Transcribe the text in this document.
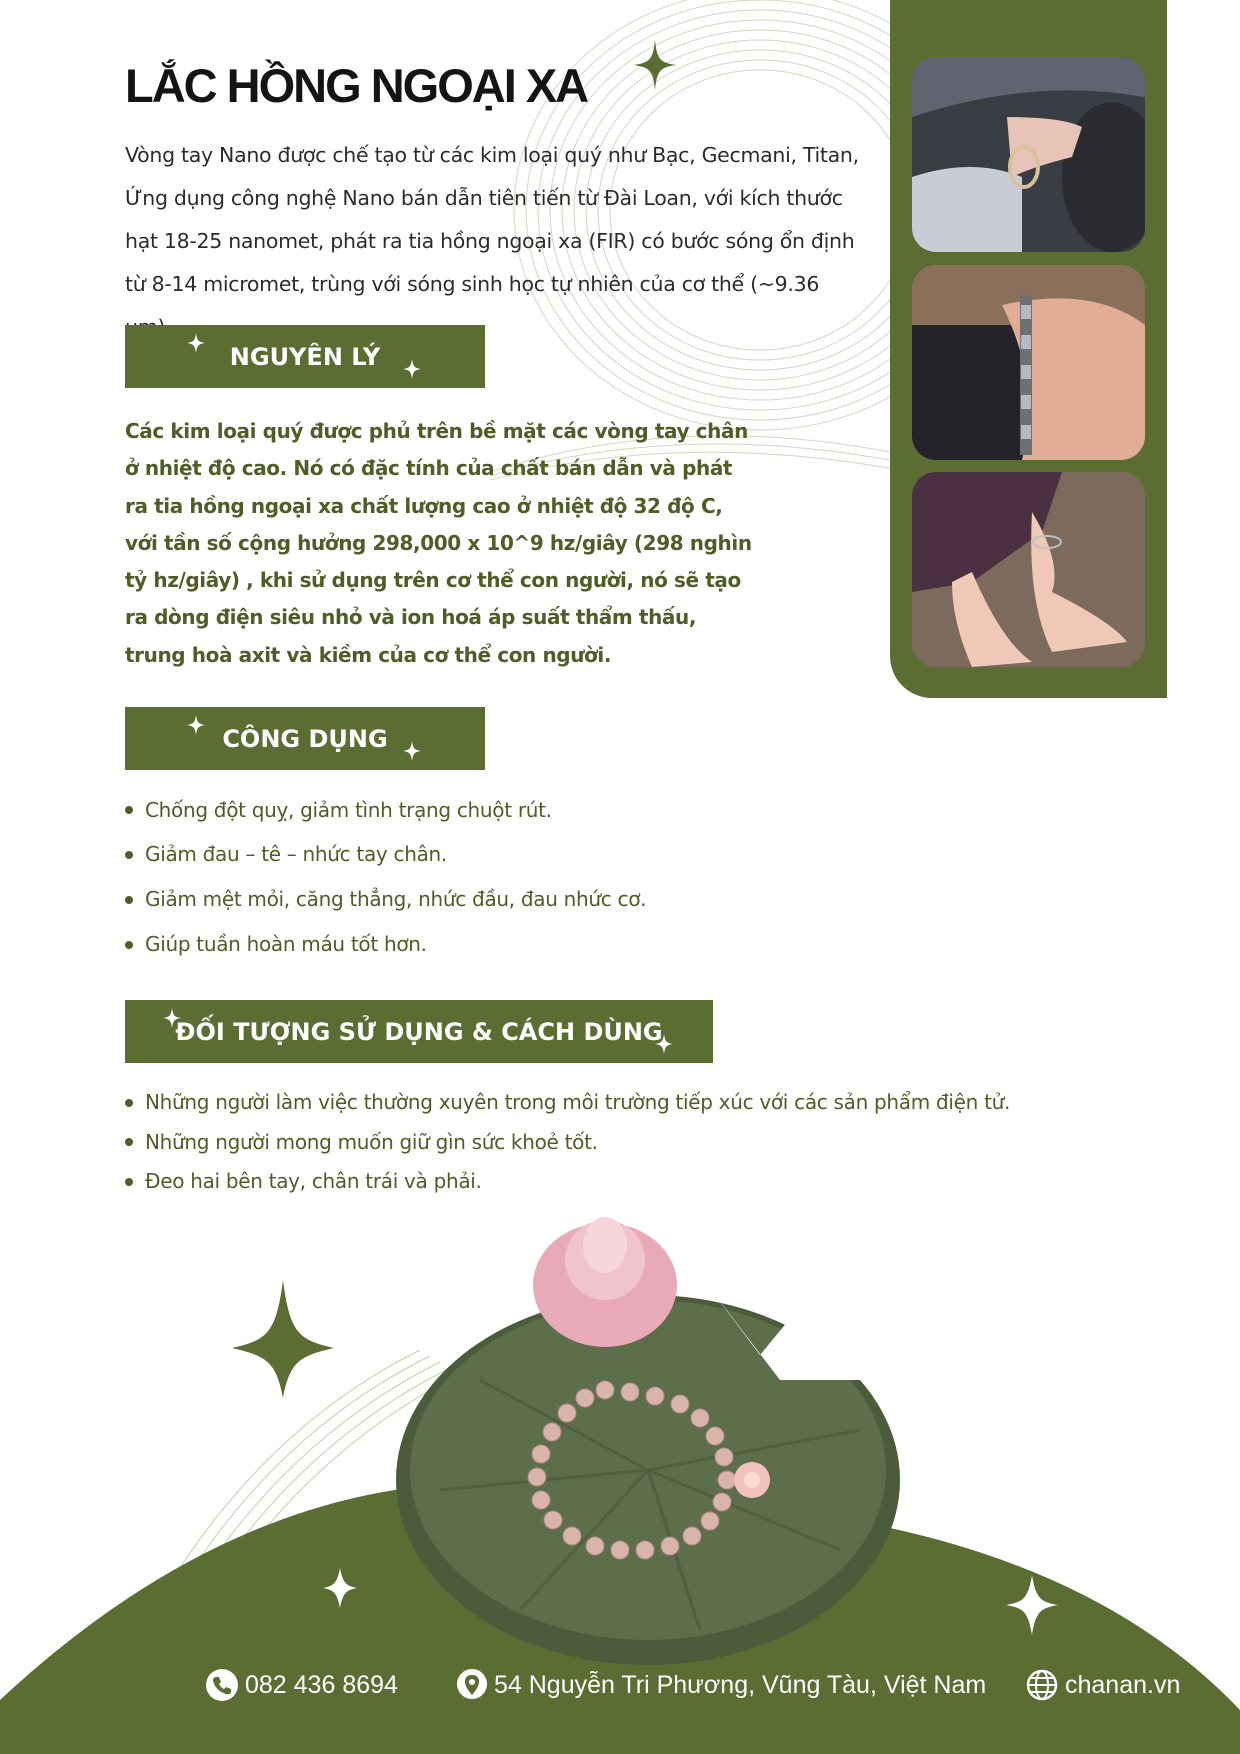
LẮC HỒNG NGOẠI XA

Vòng tay Nano được chế tạo từ các kim loại quý như Bạc, Gecmani, Titan, Ứng dụng công nghệ Nano bán dẫn tiên tiến từ Đài Loan, với kích thước hạt 18-25 nanomet, phát ra tia hồng ngoại xa (FIR) có bước sóng ổn định từ 8-14 micromet, trùng với sóng sinh học tự nhiên của cơ thể (~9.36

NGUYÊN LÝ

Các kim loại quý được phủ trên bề mặt các vòng tay chân ở nhiệt độ cao. Nó có đặc tính của chất bán dẫn và phát ra tia hồng ngoại xa chất lượng cao ở nhiệt độ 32 độ C, với tần số cộng hưởng 298,000 x 10^9 hz/giây (298 nghìn tỷ hz/giây) , khi sử dụng trên cơ thể con người, nó sẽ tạo ra dòng điện siêu nhỏ và ion hoá áp suất thẩm thấu, trung hoà axit và kiềm của cơ thể con người.

CÔNG DỤNG
Chống đột quỵ, giảm tình trạng chuột rút.
Giảm đau – tê – nhức tay chân.
Giảm mệt mỏi, căng thẳng, nhức đầu, đau nhức cơ.
Giúp tuần hoàn máu tốt hơn.
ĐỐI TƯỢNG SỬ DỤNG & CÁCH DÙNG
Những người làm việc thường xuyên trong môi trường tiếp xúc với các sản phẩm điện tử.
Những người mong muốn giữ gìn sức khoẻ tốt.
Đeo hai bên tay, chân trái và phải.
082 436 8694	54 Nguyễn Tri Phương, Vũng Tàu, Việt Nam	chanan.vn
